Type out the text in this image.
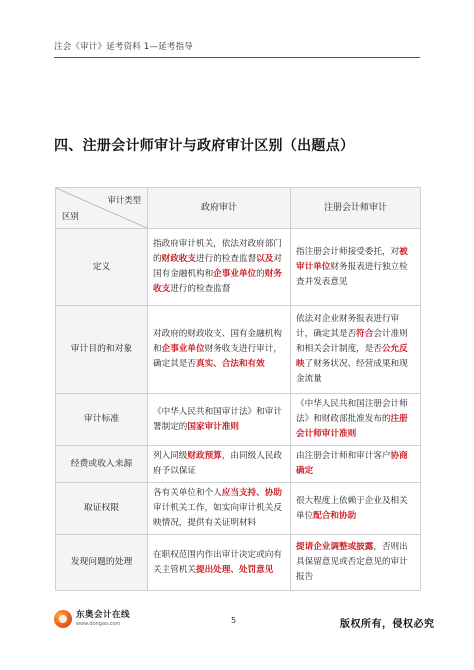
注会《审计》延考资料 1—延考指导
四、注册会计师审计与政府审计区别（出题点）
审计类型
区别	政府审计	注册会计师审计
定义	指政府审计机关，依法对政府部门的财政收支进行的检查监督以及对国有金融机构和企事业单位的财务收支进行的检查监督	指注册会计师接受委托，对被审计单位财务报表进行独立检查并发表意见
审计目的和对象	对政府的财政收支、国有金融机构和企事业单位财务收支进行审计，确定其是否真实、合法和有效	依法对企业财务报表进行审计，确定其是否符合会计准则和相关会计制度，是否公允反映了财务状况、经营成果和现金流量
审计标准	《中华人民共和国审计法》和审计署制定的国家审计准则	《中华人民共和国注册会计师法》和财政部批准发布的注册会计师审计准则
经费或收入来源	列入同级财政预算，由同级人民政府予以保证	由注册会计师和审计客户协商确定
取证权限	各有关单位和个人应当支持、协助审计机关工作，如实向审计机关反映情况，提供有关证明材料	很大程度上依赖于企业及相关单位配合和协助
发现问题的处理	在职权范围内作出审计决定或向有关主管机关提出处理、处罚意见	提请企业调整或披露，否则出具保留意见或否定意见的审计报告
东奥会计在线
www.dongao.com	5	版权所有，侵权必究
